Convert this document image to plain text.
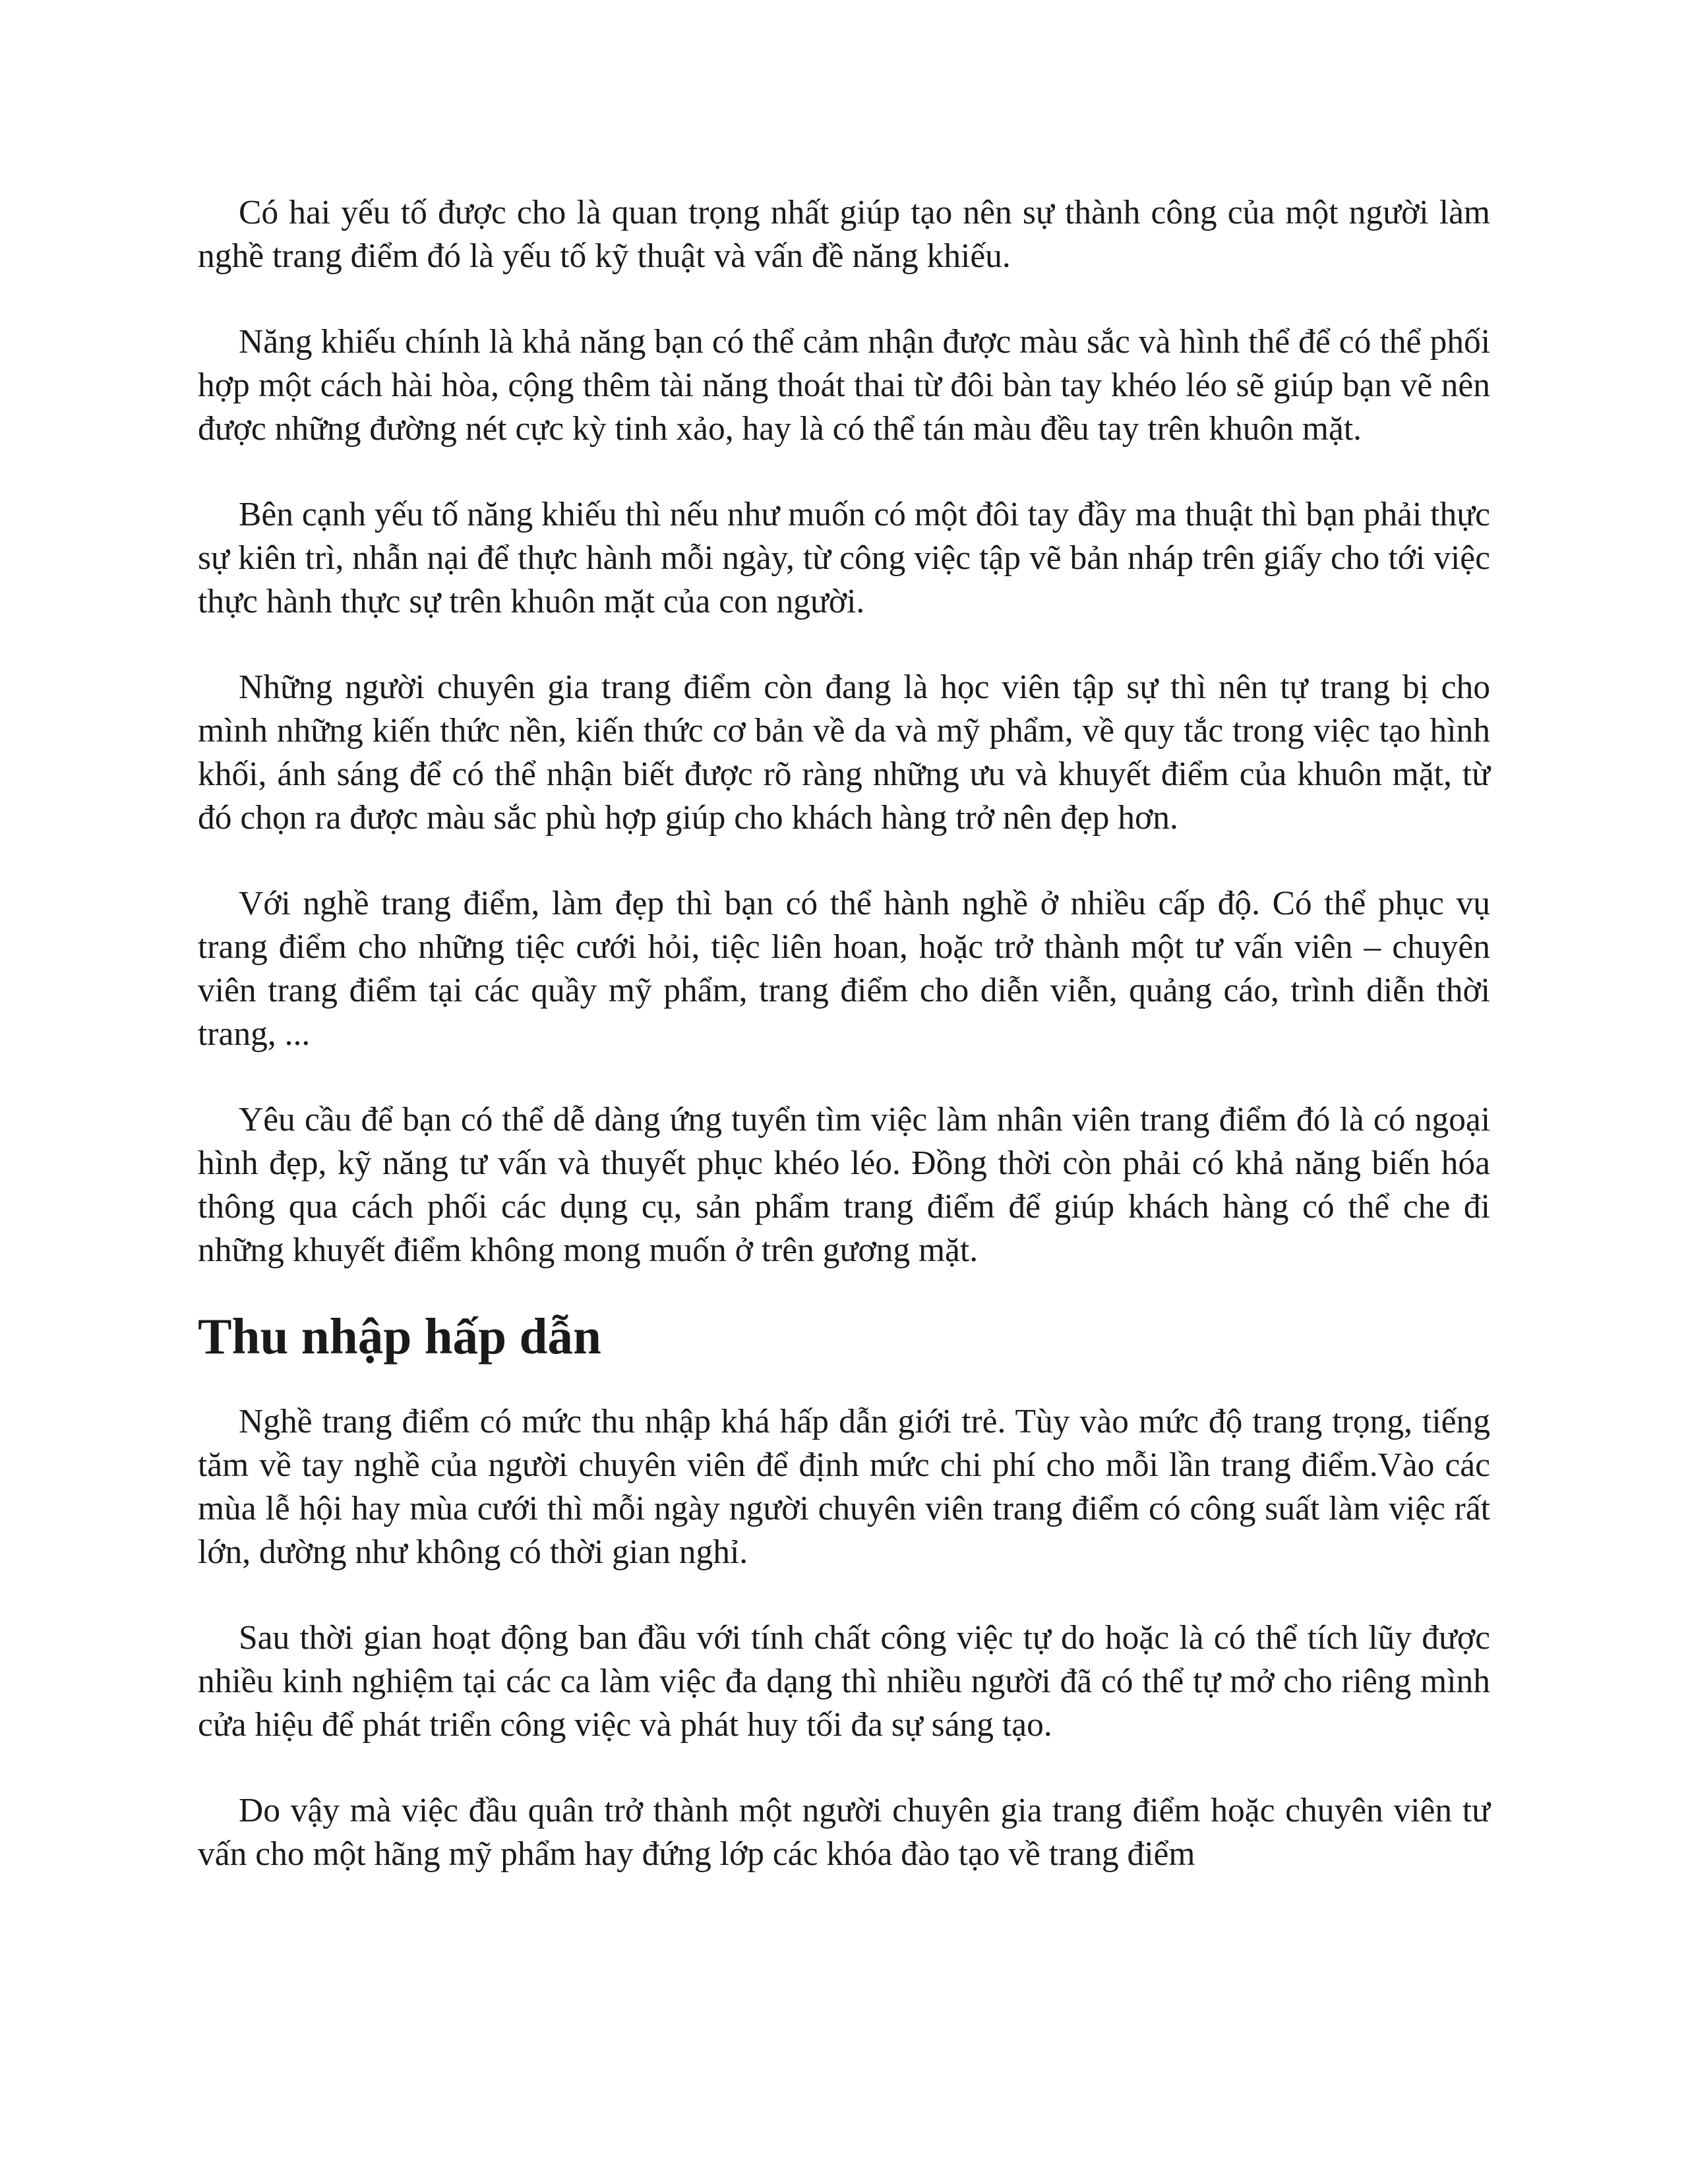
Có hai yếu tố được cho là quan trọng nhất giúp tạo nên sự thành công của một người làm nghề trang điểm đó là yếu tố kỹ thuật và vấn đề năng khiếu.

Năng khiếu chính là khả năng bạn có thể cảm nhận được màu sắc và hình thể để có thể phối hợp một cách hài hòa, cộng thêm tài năng thoát thai từ đôi bàn tay khéo léo sẽ giúp bạn vẽ nên được những đường nét cực kỳ tinh xảo, hay là có thể tán màu đều tay trên khuôn mặt.

Bên cạnh yếu tố năng khiếu thì nếu như muốn có một đôi tay đầy ma thuật thì bạn phải thực sự kiên trì, nhẫn nại để thực hành mỗi ngày, từ công việc tập vẽ bản nháp trên giấy cho tới việc thực hành thực sự trên khuôn mặt của con người.

Những người chuyên gia trang điểm còn đang là học viên tập sự thì nên tự trang bị cho mình những kiến thức nền, kiến thức cơ bản về da và mỹ phẩm, về quy tắc trong việc tạo hình khối, ánh sáng để có thể nhận biết được rõ ràng những ưu và khuyết điểm của khuôn mặt, từ đó chọn ra được màu sắc phù hợp giúp cho khách hàng trở nên đẹp hơn.

Với nghề trang điểm, làm đẹp thì bạn có thể hành nghề ở nhiều cấp độ. Có thể phục vụ trang điểm cho những tiệc cưới hỏi, tiệc liên hoan, hoặc trở thành một tư vấn viên – chuyên viên trang điểm tại các quầy mỹ phẩm, trang điểm cho diễn viễn, quảng cáo, trình diễn thời trang, ...

Yêu cầu để bạn có thể dễ dàng ứng tuyển tìm việc làm nhân viên trang điểm đó là có ngoại hình đẹp, kỹ năng tư vấn và thuyết phục khéo léo. Đồng thời còn phải có khả năng biến hóa thông qua cách phối các dụng cụ, sản phẩm trang điểm để giúp khách hàng có thể che đi những khuyết điểm không mong muốn ở trên gương mặt.

Thu nhập hấp dẫn

Nghề trang điểm có mức thu nhập khá hấp dẫn giới trẻ. Tùy vào mức độ trang trọng, tiếng tăm về tay nghề của người chuyên viên để định mức chi phí cho mỗi lần trang điểm.Vào các mùa lễ hội hay mùa cưới thì mỗi ngày người chuyên viên trang điểm có công suất làm việc rất lớn, dường như không có thời gian nghỉ.

Sau thời gian hoạt động ban đầu với tính chất công việc tự do hoặc là có thể tích lũy được nhiều kinh nghiệm tại các ca làm việc đa dạng thì nhiều người đã có thể tự mở cho riêng mình cửa hiệu để phát triển công việc và phát huy tối đa sự sáng tạo.

Do vậy mà việc đầu quân trở thành một người chuyên gia trang điểm hoặc chuyên viên tư vấn cho một hãng mỹ phẩm hay đứng lớp các khóa đào tạo về trang điểm
